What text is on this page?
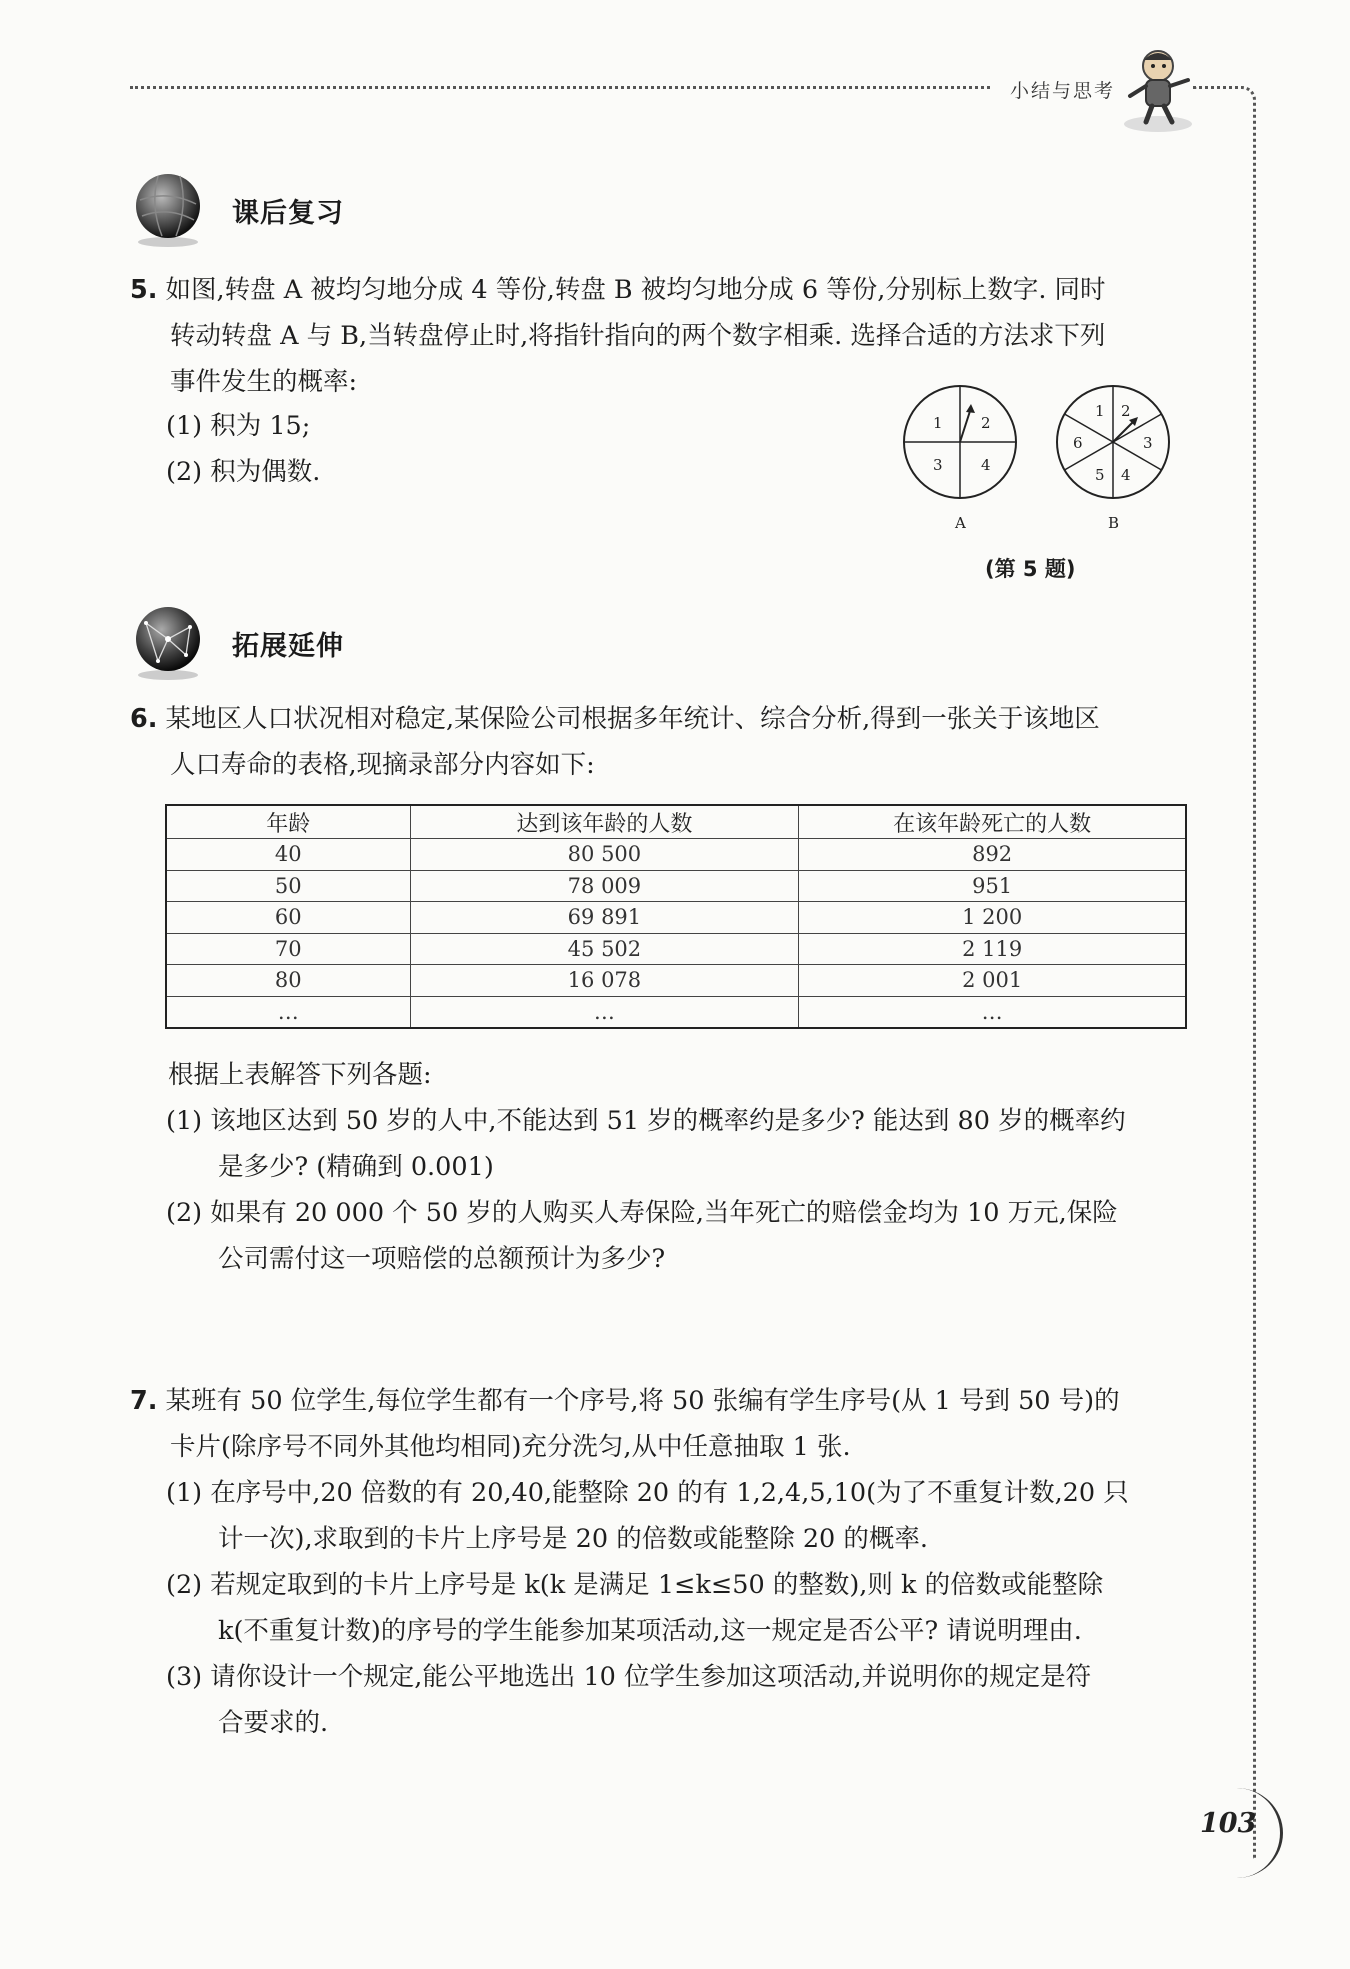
小结与思考
103
课后复习
5. 如图,转盘 A 被均匀地分成 4 等份,转盘 B 被均匀地分成 6 等份,分别标上数字. 同时
转动转盘 A 与 B,当转盘停止时,将指针指向的两个数字相乘. 选择合适的方法求下列
事件发生的概率:
(1) 积为 15;
(2) 积为偶数.
1	2
3	4
A
1 2
3
4
5
6
B
(第 5 题)
拓展延伸
6. 某地区人口状况相对稳定,某保险公司根据多年统计、综合分析,得到一张关于该地区
人口寿命的表格,现摘录部分内容如下:
年龄	达到该年龄的人数	在该年龄死亡的人数
40	80 500	892
50	78 009	951
60	69 891	1 200
70	45 502	2 119
80	16 078	2 001
…	…	…
根据上表解答下列各题:
(1) 该地区达到 50 岁的人中,不能达到 51 岁的概率约是多少? 能达到 80 岁的概率约
是多少? (精确到 0.001)
(2) 如果有 20 000 个 50 岁的人购买人寿保险,当年死亡的赔偿金均为 10 万元,保险
公司需付这一项赔偿的总额预计为多少?
7. 某班有 50 位学生,每位学生都有一个序号,将 50 张编有学生序号(从 1 号到 50 号)的
卡片(除序号不同外其他均相同)充分洗匀,从中任意抽取 1 张.
(1) 在序号中,20 倍数的有 20,40,能整除 20 的有 1,2,4,5,10(为了不重复计数,20 只
计一次),求取到的卡片上序号是 20 的倍数或能整除 20 的概率.
(2) 若规定取到的卡片上序号是 k(k 是满足 1≤k≤50 的整数),则 k 的倍数或能整除
k(不重复计数)的序号的学生能参加某项活动,这一规定是否公平? 请说明理由.
(3) 请你设计一个规定,能公平地选出 10 位学生参加这项活动,并说明你的规定是符
合要求的.
